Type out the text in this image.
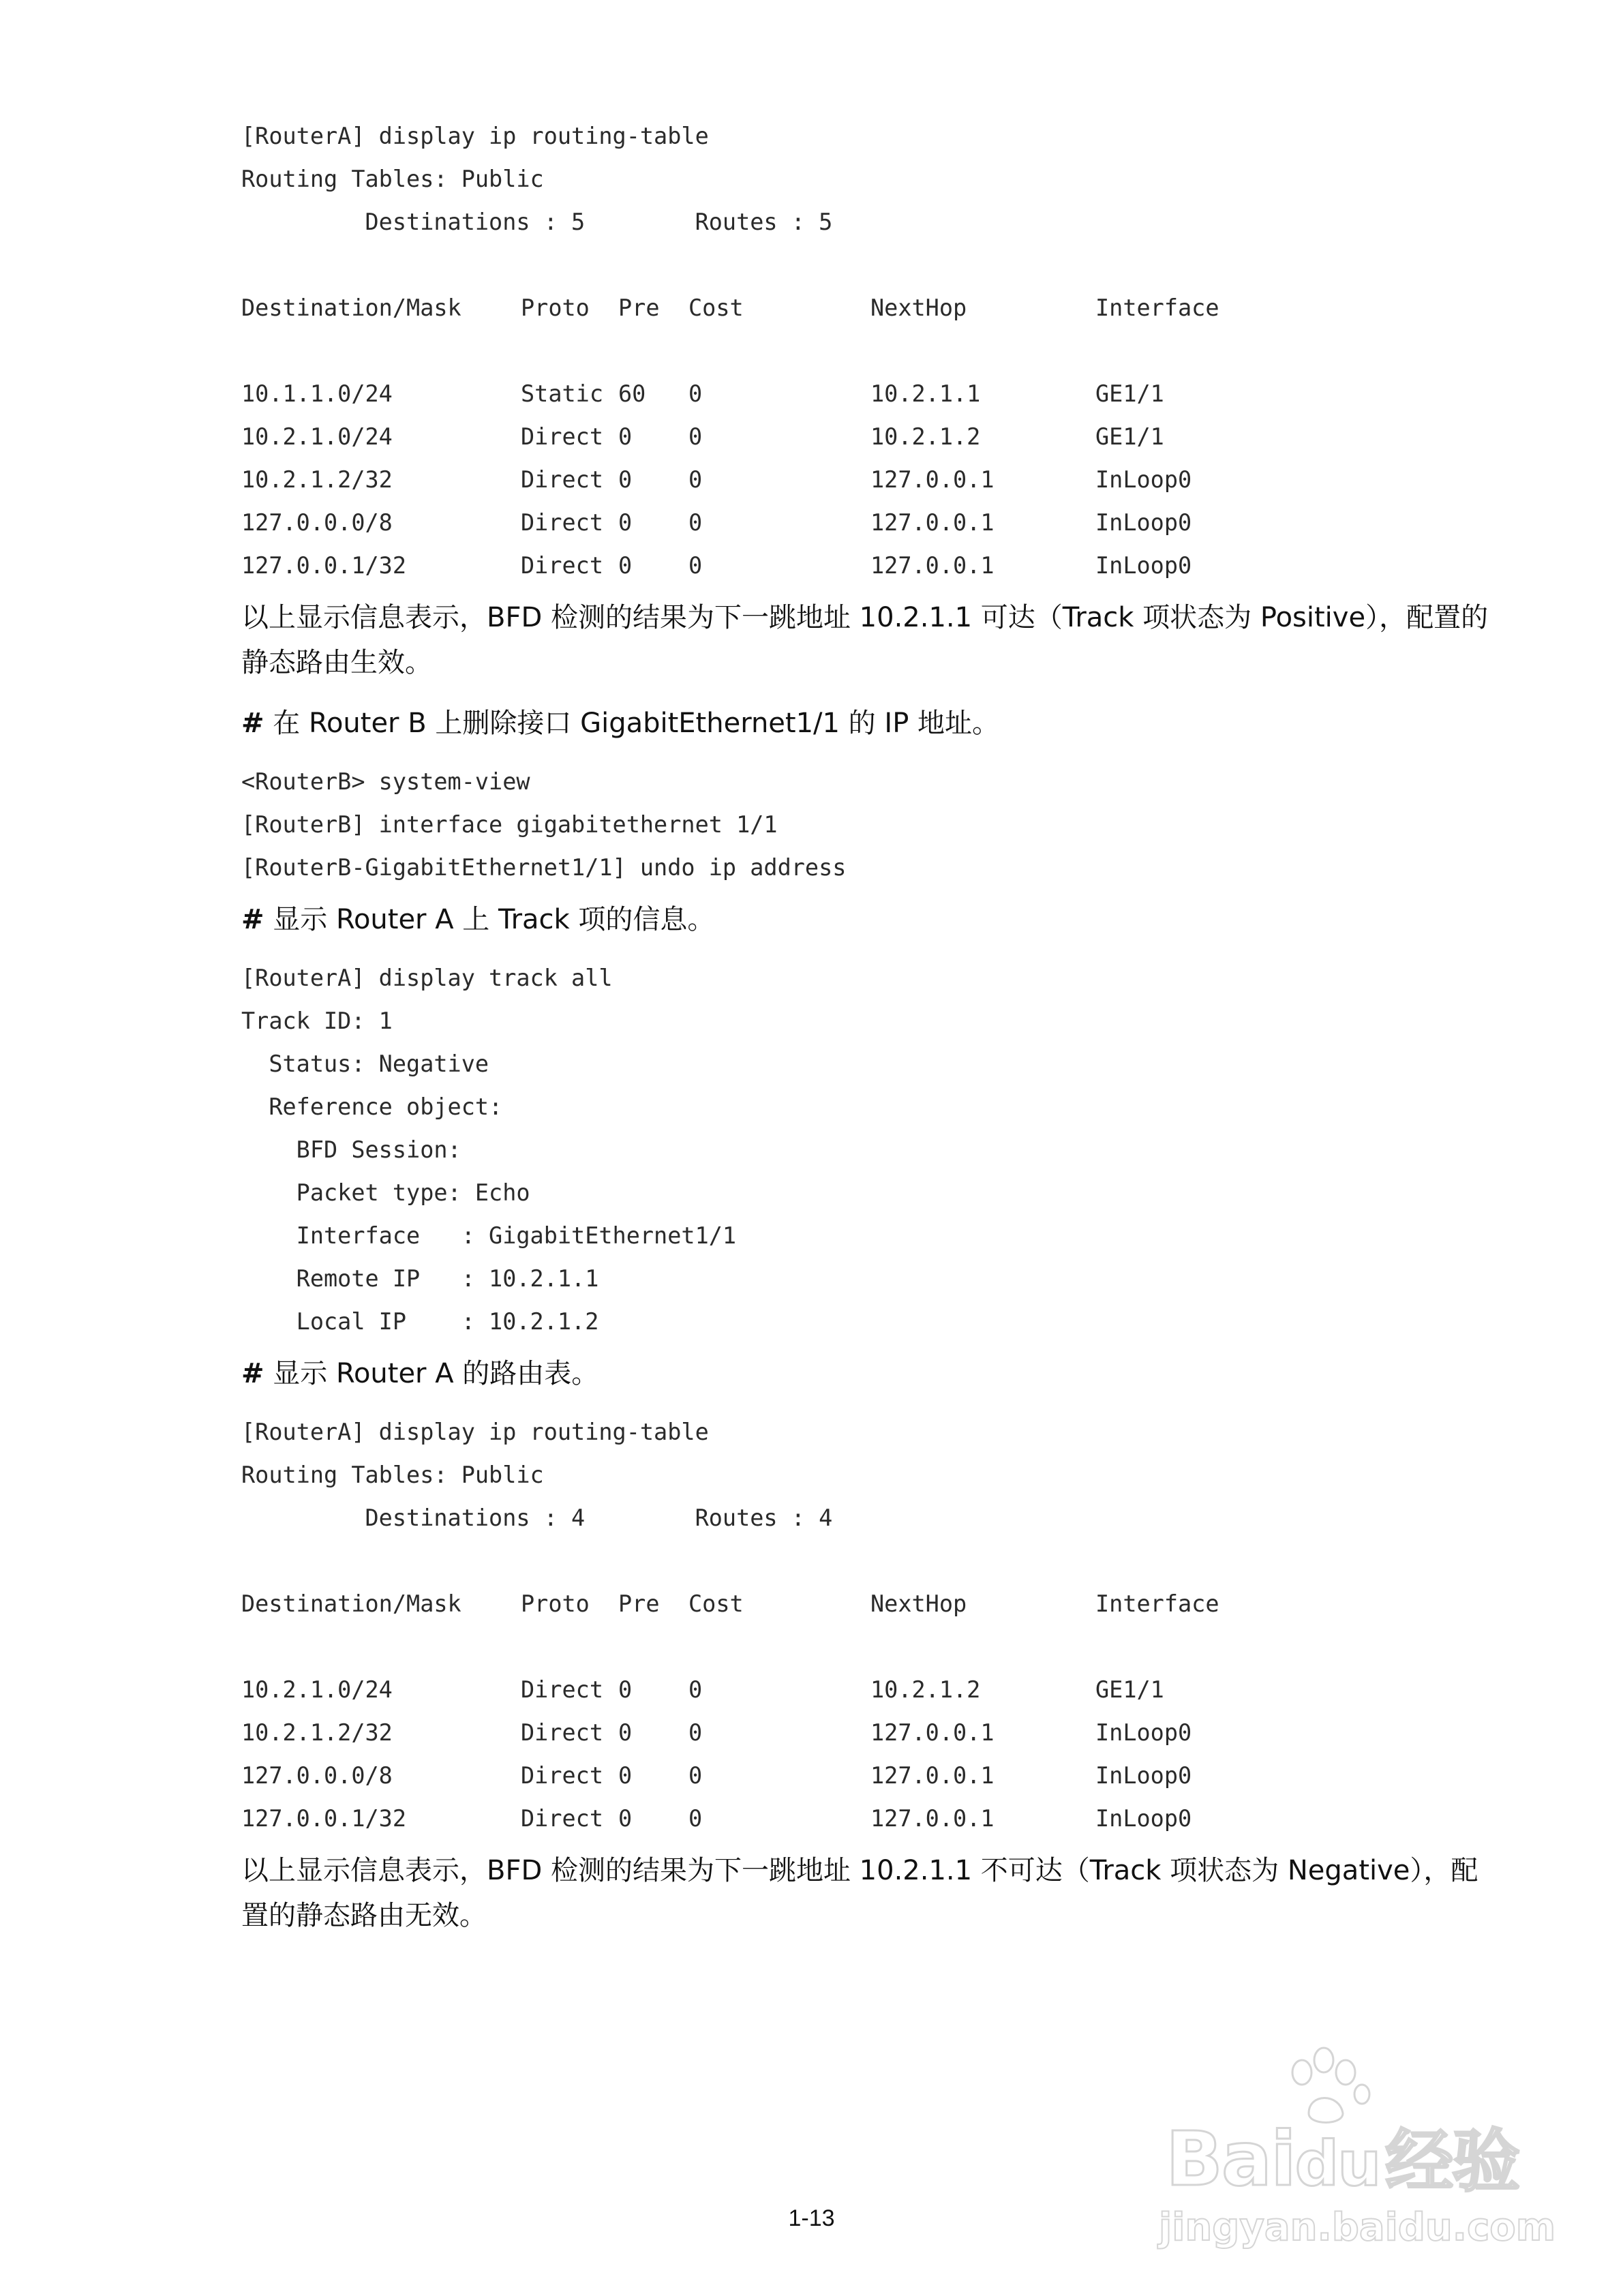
[RouterA] display ip routing-table
Routing Tables: Public
Destinations : 5        Routes : 5
Destination/Mask	Proto Pre Cost	NextHop	Interface
10.1.1.0/24	Static 60 0	10.2.1.1	GE1/1
10.2.1.0/24	Direct 0 0	10.2.1.2	GE1/1
10.2.1.2/32	Direct 0 0	127.0.0.1	InLoop0
127.0.0.0/8	Direct 0 0	127.0.0.1	InLoop0
127.0.0.1/32	Direct 0 0	127.0.0.1	InLoop0
以上显示信息表示，BFD 检测的结果为下一跳地址 10.2.1.1 可达（Track 项状态为 Positive），配置的静态路由生效。
# 在 Router B 上删除接口 GigabitEthernet1/1 的 IP 地址。
<RouterB> system-view
[RouterB] interface gigabitethernet 1/1
[RouterB-GigabitEthernet1/1] undo ip address
# 显示 Router A 上 Track 项的信息。
[RouterA] display track all
Track ID: 1
Status: Negative
Reference object:
BFD Session:
Packet type: Echo
Interface   : GigabitEthernet1/1
Remote IP   : 10.2.1.1
Local IP    : 10.2.1.2
# 显示 Router A 的路由表。
[RouterA] display ip routing-table
Routing Tables: Public
Destinations : 4        Routes : 4
Destination/Mask	Proto Pre Cost	NextHop	Interface
10.2.1.0/24	Direct 0 0	10.2.1.2	GE1/1
10.2.1.2/32	Direct 0 0	127.0.0.1	InLoop0
127.0.0.0/8	Direct 0 0	127.0.0.1	InLoop0
127.0.0.1/32	Direct 0 0	127.0.0.1	InLoop0
以上显示信息表示，BFD 检测的结果为下一跳地址 10.2.1.1 不可达（Track 项状态为 Negative），配置的静态路由无效。
1-13
Baidu经验
jingyan.baidu.com
